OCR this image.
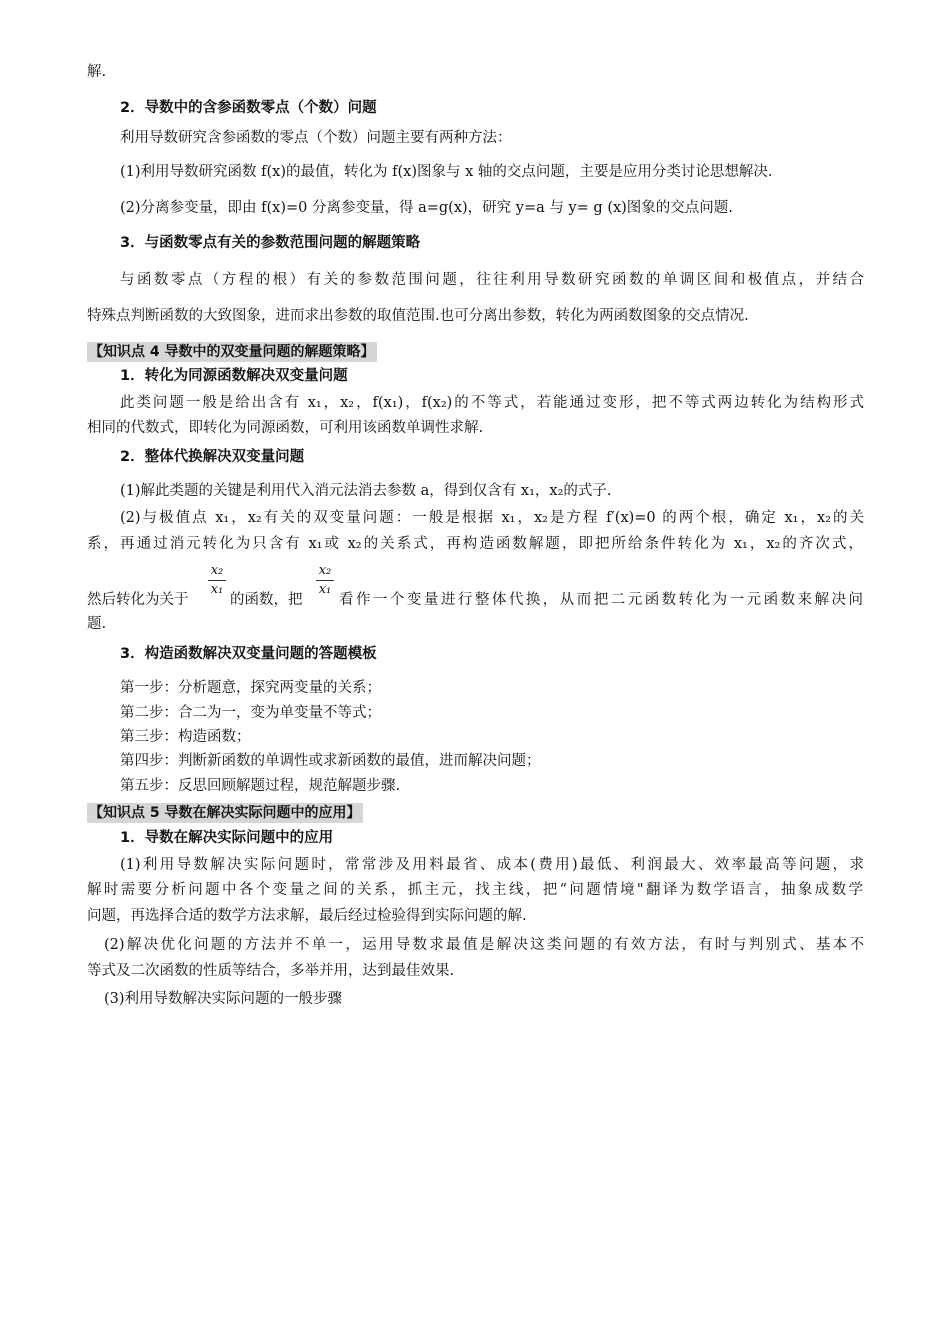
解.
2．导数中的含参函数零点（个数）问题
利用导数研究含参函数的零点（个数）问题主要有两种方法：
(1)利用导数研究函数 f(x)的最值，转化为 f(x)图象与 x 轴的交点问题，主要是应用分类讨论思想解决.
(2)分离参变量，即由 f(x)=0 分离参变量，得 a=g(x)，研究 y=a 与 y= g (x)图象的交点问题.
3．与函数零点有关的参数范围问题的解题策略
与函数零点（方程的根）有关的参数范围问题，往往利用导数研究函数的单调区间和极值点，并结合
特殊点判断函数的大致图象，进而求出参数的取值范围.也可分离出参数，转化为两函数图象的交点情况.
【知识点 4 导数中的双变量问题的解题策略】
1．转化为同源函数解决双变量问题
此类问题一般是给出含有 x₁，x₂，f(x₁)，f(x₂)的不等式，若能通过变形，把不等式两边转化为结构形式
相同的代数式，即转化为同源函数，可利用该函数单调性求解.
2．整体代换解决双变量问题
(1)解此类题的关键是利用代入消元法消去参数 a，得到仅含有 x₁，x₂的式子.
(2)与极值点 x₁，x₂有关的双变量问题：一般是根据 x₁，x₂是方程 f′(x)=0 的两个根，确定 x₁，x₂的关
系，再通过消元转化为只含有 x₁或 x₂的关系式，再构造函数解题，即把所给条件转化为 x₁，x₂的齐次式，
然后转化为关于
x₂
x₁
的函数，把
x₂
x₁
看作一个变量进行整体代换，从而把二元函数转化为一元函数来解决问
题.
3．构造函数解决双变量问题的答题模板
第一步：分析题意，探究两变量的关系；
第二步：合二为一，变为单变量不等式；
第三步：构造函数；
第四步：判断新函数的单调性或求新函数的最值，进而解决问题；
第五步：反思回顾解题过程，规范解题步骤.
【知识点 5 导数在解决实际问题中的应用】
1．导数在解决实际问题中的应用
(1)利用导数解决实际问题时，常常涉及用料最省、成本(费用)最低、利润最大、效率最高等问题，求
解时需要分析问题中各个变量之间的关系，抓主元，找主线，把“问题情境"翻译为数学语言，抽象成数学
问题，再选择合适的数学方法求解，最后经过检验得到实际问题的解.
(2)解决优化问题的方法并不单一，运用导数求最值是解决这类问题的有效方法，有时与判别式、基本不
等式及二次函数的性质等结合，多举并用，达到最佳效果.
(3)利用导数解决实际问题的一般步骤
